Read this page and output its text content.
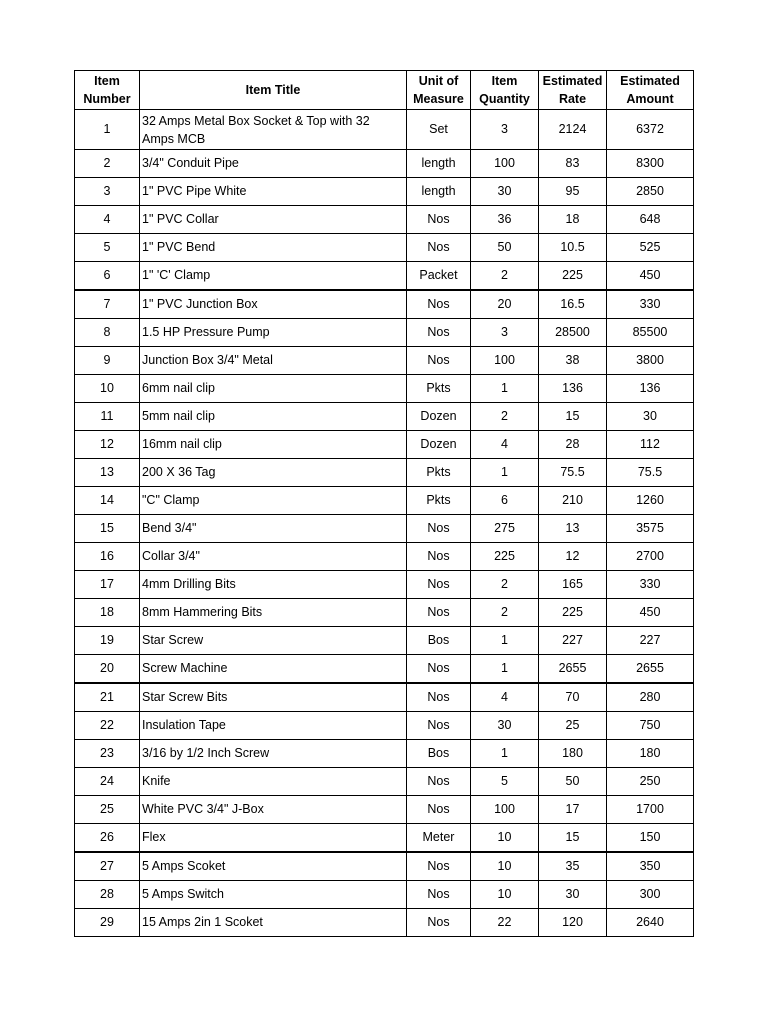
Item Number	Item Title	Unit of Measure	Item Quantity	Estimated Rate	Estimated Amount
1	32 Amps Metal Box Socket & Top with 32 Amps MCB	Set	3	2124	6372
2	3/4" Conduit Pipe	length	100	83	8300
3	1" PVC Pipe White	length	30	95	2850
4	1" PVC Collar	Nos	36	18	648
5	1" PVC Bend	Nos	50	10.5	525
6	1" 'C' Clamp	Packet	2	225	450
7	1" PVC Junction Box	Nos	20	16.5	330
8	1.5 HP Pressure Pump	Nos	3	28500	85500
9	Junction Box 3/4" Metal	Nos	100	38	3800
10	6mm nail clip	Pkts	1	136	136
11	5mm nail clip	Dozen	2	15	30
12	16mm nail clip	Dozen	4	28	112
13	200 X 36 Tag	Pkts	1	75.5	75.5
14	"C" Clamp	Pkts	6	210	1260
15	Bend 3/4"	Nos	275	13	3575
16	Collar 3/4"	Nos	225	12	2700
17	4mm Drilling Bits	Nos	2	165	330
18	8mm Hammering Bits	Nos	2	225	450
19	Star Screw	Bos	1	227	227
20	Screw Machine	Nos	1	2655	2655
21	Star Screw Bits	Nos	4	70	280
22	Insulation Tape	Nos	30	25	750
23	3/16 by 1/2 Inch Screw	Bos	1	180	180
24	Knife	Nos	5	50	250
25	White PVC 3/4" J-Box	Nos	100	17	1700
26	Flex	Meter	10	15	150
27	5 Amps Scoket	Nos	10	35	350
28	5 Amps Switch	Nos	10	30	300
29	15 Amps 2in 1 Scoket	Nos	22	120	2640
